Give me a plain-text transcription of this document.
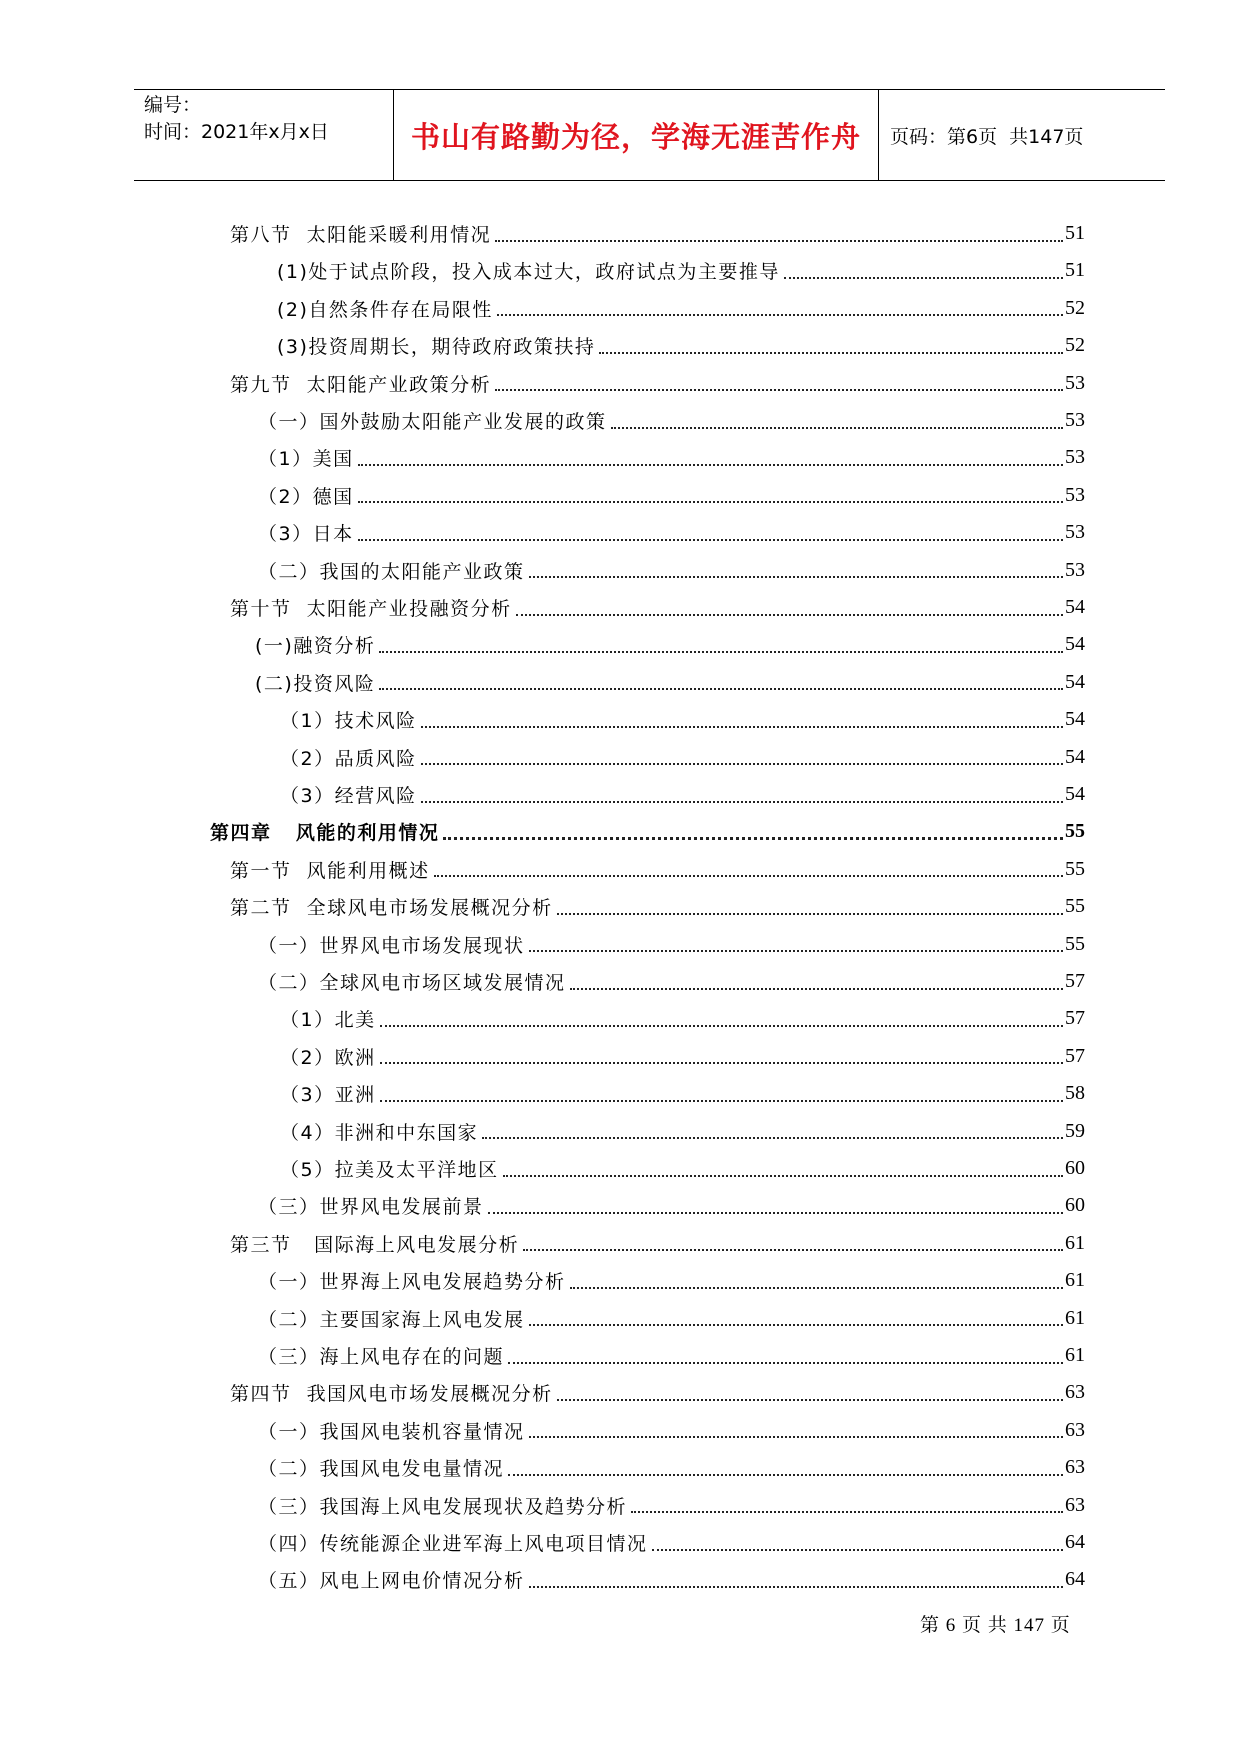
编号：
时间：2021年x月x日	书山有路勤为径，学海无涯苦作舟	页码：第6页  共147页
第八节  太阳能采暖利用情况	51
(1)处于试点阶段，投入成本过大，政府试点为主要推导	51
(2)自然条件存在局限性	52
(3)投资周期长，期待政府政策扶持	52
第九节  太阳能产业政策分析	53
（一）国外鼓励太阳能产业发展的政策	53
（1）美国	53
（2）德国	53
（3）日本	53
（二）我国的太阳能产业政策	53
第十节  太阳能产业投融资分析	54
(一)融资分析	54
(二)投资风险	54
（1）技术风险	54
（2）品质风险	54
（3）经营风险	54
第四章   风能的利用情况	55
第一节  风能利用概述	55
第二节  全球风电市场发展概况分析	55
（一）世界风电市场发展现状	55
（二）全球风电市场区域发展情况	57
（1）北美	57
（2）欧洲	57
（3）亚洲	58
（4）非洲和中东国家	59
（5）拉美及太平洋地区	60
（三）世界风电发展前景	60
第三节   国际海上风电发展分析	61
（一）世界海上风电发展趋势分析	61
（二）主要国家海上风电发展	61
（三）海上风电存在的问题	61
第四节  我国风电市场发展概况分析	63
（一）我国风电装机容量情况	63
（二）我国风电发电量情况	63
（三）我国海上风电发展现状及趋势分析	63
（四）传统能源企业进军海上风电项目情况	64
（五）风电上网电价情况分析	64
第 6 页 共 147 页
